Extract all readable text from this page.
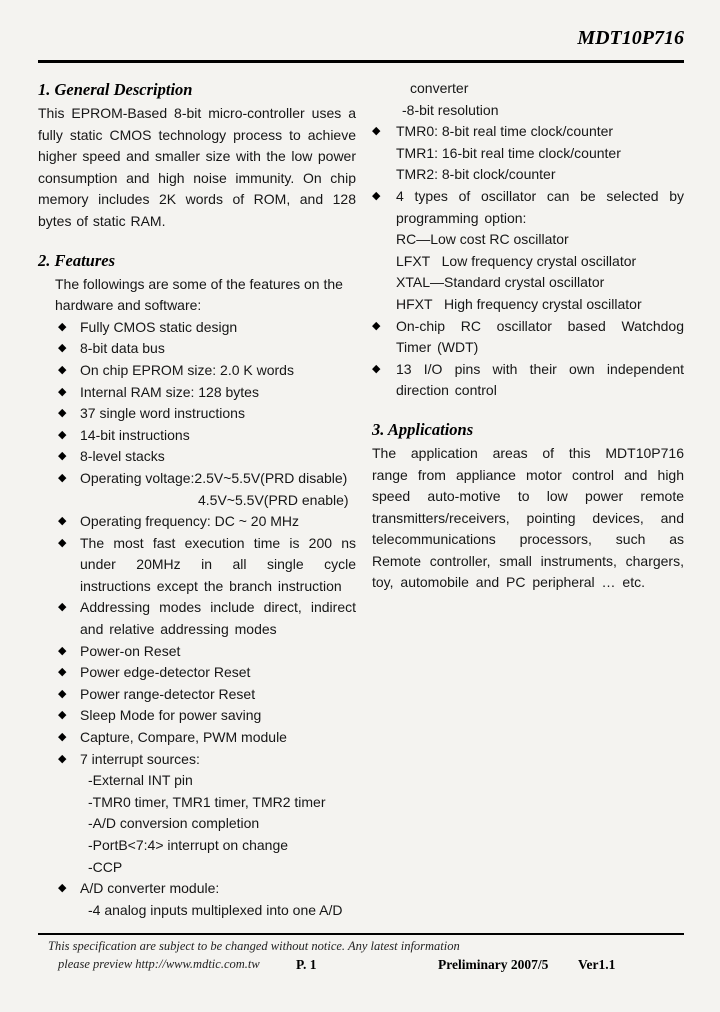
MDT10P716
1. General Description

This EPROM-Based 8-bit micro-controller uses a fully static CMOS technology process to achieve higher speed and smaller size with the low power consumption and high noise immunity. On chip memory includes 2K words of ROM, and 128 bytes of static RAM.

2. Features

The followings are some of the features on the hardware and software:

◆ Fully CMOS static design
◆ 8-bit data bus
◆ On chip EPROM size: 2.0 K words
◆ Internal RAM size: 128 bytes
◆ 37 single word instructions
◆ 14-bit instructions
◆ 8-level stacks
◆ Operating voltage:2.5V~5.5V(PRD disable)
4.5V~5.5V(PRD enable)
◆ Operating frequency: DC ~ 20 MHz
◆ The most fast execution time is 200 ns under 20MHz in all single cycle instructions except the branch instruction
◆ Addressing modes include direct, indirect and relative addressing modes
◆ Power-on Reset
◆ Power edge-detector Reset
◆ Power range-detector Reset
◆ Sleep Mode for power saving
◆ Capture, Compare, PWM module
◆ 7 interrupt sources:
-External INT pin
-TMR0 timer, TMR1 timer, TMR2 timer
-A/D conversion completion
-PortB<7:4> interrupt on change
-CCP
◆ A/D converter module:
-4 analog inputs multiplexed into one A/D
converter
-8-bit resolution
◆ TMR0: 8-bit real time clock/counter
TMR1: 16-bit real time clock/counter
TMR2: 8-bit clock/counter
◆ 4 types of oscillator can be selected by programming option:
RC—Low cost RC oscillator
LFXT   Low frequency crystal oscillator
XTAL—Standard crystal oscillator
HFXT   High frequency crystal oscillator
◆ On-chip RC oscillator based Watchdog Timer (WDT)
◆ 13 I/O pins with their own independent direction control
3. Applications

The application areas of this MDT10P716 range from appliance motor control and high speed auto-motive to low power remote transmitters/receivers, pointing devices, and telecommunications processors, such as Remote controller, small instruments, chargers, toy, automobile and PC peripheral … etc.

This specification are subject to be changed without notice. Any latest information
please preview http://www.mdtic.com.tw	P. 1	Preliminary 2007/5 Ver1.1
